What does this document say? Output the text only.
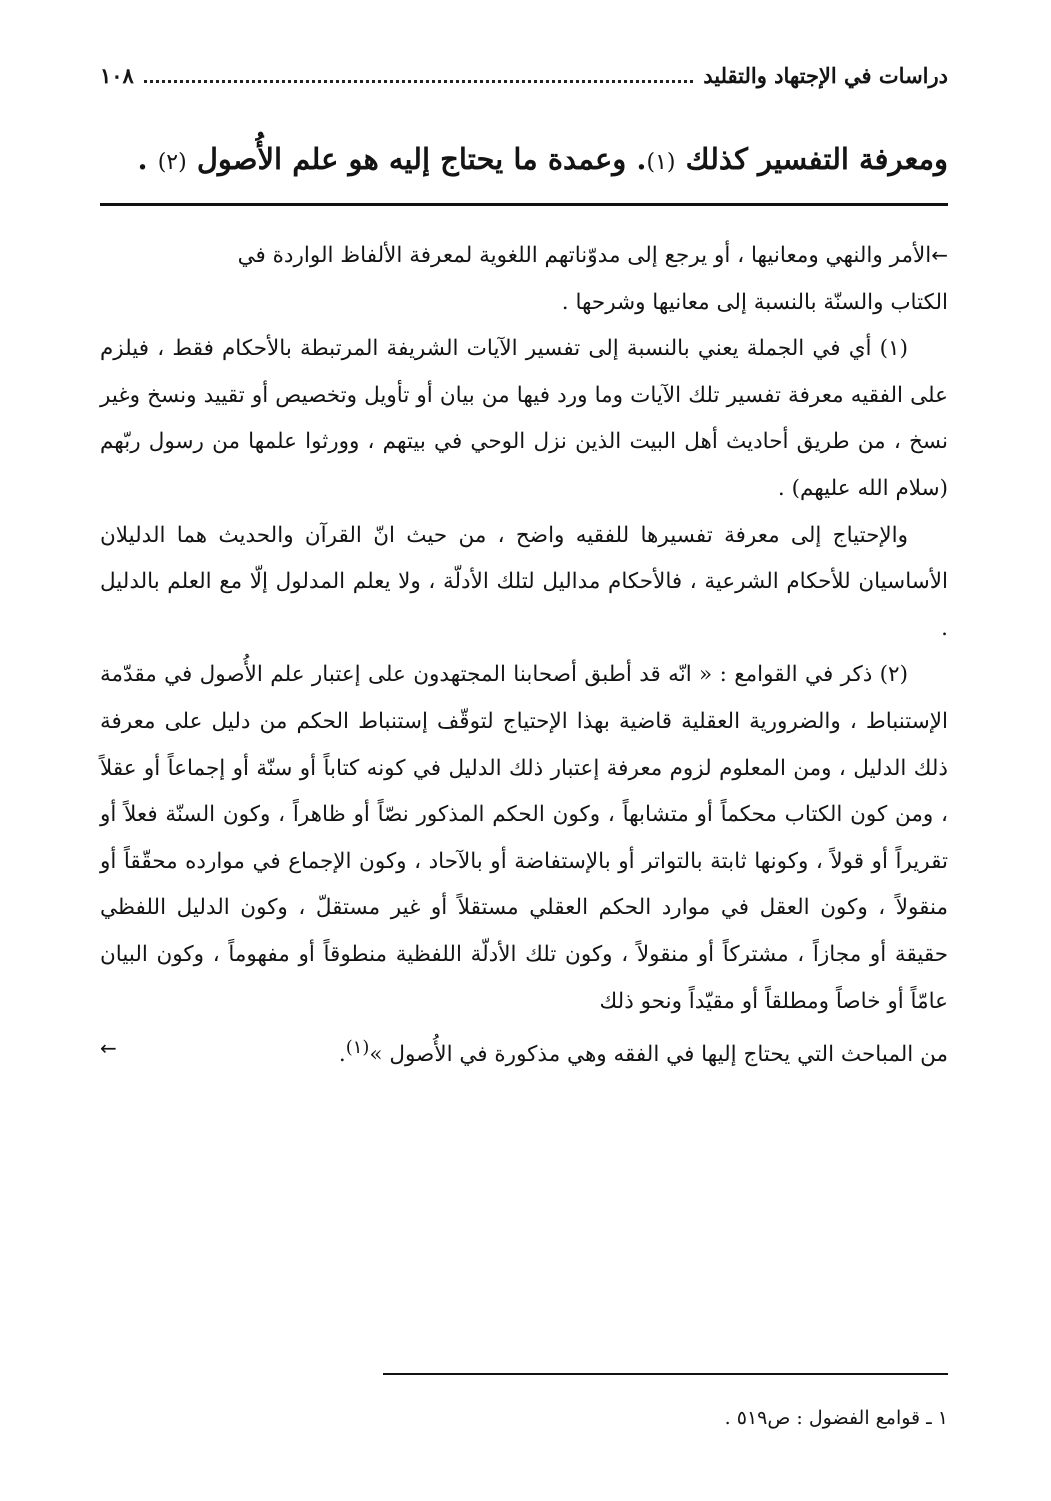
دراسات في الإجتهاد والتقليد
١٠٨
ومعرفة التفسير كذلك (١). وعمدة ما يحتاج إليه هو علم الأُصول (٢) .

←الأمر والنهي ومعانيها ، أو يرجع إلى مدوّناتهم اللغوية لمعرفة الألفاظ الواردة في

الكتاب والسنّة بالنسبة إلى معانيها وشرحها .

(١) أي في الجملة يعني بالنسبة إلى تفسير الآيات الشريفة المرتبطة بالأحكام فقط ، فيلزم على الفقيه معرفة تفسير تلك الآيات وما ورد فيها من بيان أو تأويل وتخصيص أو تقييد ونسخ وغير نسخ ، من طريق أحاديث أهل البيت الذين نزل الوحي في بيتهم ، وورثوا علمها من رسول ربّهم (سلام الله عليهم) .

والإحتياج إلى معرفة تفسيرها للفقيه واضح ، من حيث انّ القرآن والحديث هما الدليلان الأساسيان للأحكام الشرعية ، فالأحكام مداليل لتلك الأدلّة ، ولا يعلم المدلول إلّا مع العلم بالدليل .

(٢) ذكر في القوامع : « انّه قد أطبق أصحابنا المجتهدون على إعتبار علم الأُصول في مقدّمة الإستنباط ، والضرورية العقلية قاضية بهذا الإحتياج لتوقّف إستنباط الحكم من دليل على معرفة ذلك الدليل ، ومن المعلوم لزوم معرفة إعتبار ذلك الدليل في كونه كتاباً أو سنّة أو إجماعاً أو عقلاً ، ومن كون الكتاب محكماً أو متشابهاً ، وكون الحكم المذكور نصّاً أو ظاهراً ، وكون السنّة فعلاً أو تقريراً أو قولاً ، وكونها ثابتة بالتواتر أو بالإستفاضة أو بالآحاد ، وكون الإجماع في موارده محقّقاً أو منقولاً ، وكون العقل في موارد الحكم العقلي مستقلاً أو غير مستقلّ ، وكون الدليل اللفظي حقيقة أو مجازاً ، مشتركاً أو منقولاً ، وكون تلك الأدلّة اللفظية منطوقاً أو مفهوماً ، وكون البيان عامّاً أو خاصاً ومطلقاً أو مقيّداً ونحو ذلك

من المباحث التي يحتاج إليها في الفقه وهي مذكورة في الأُصول »$^{(١)}$.
←

١ ـ قوامع الفضول : ص٥١٩ .
